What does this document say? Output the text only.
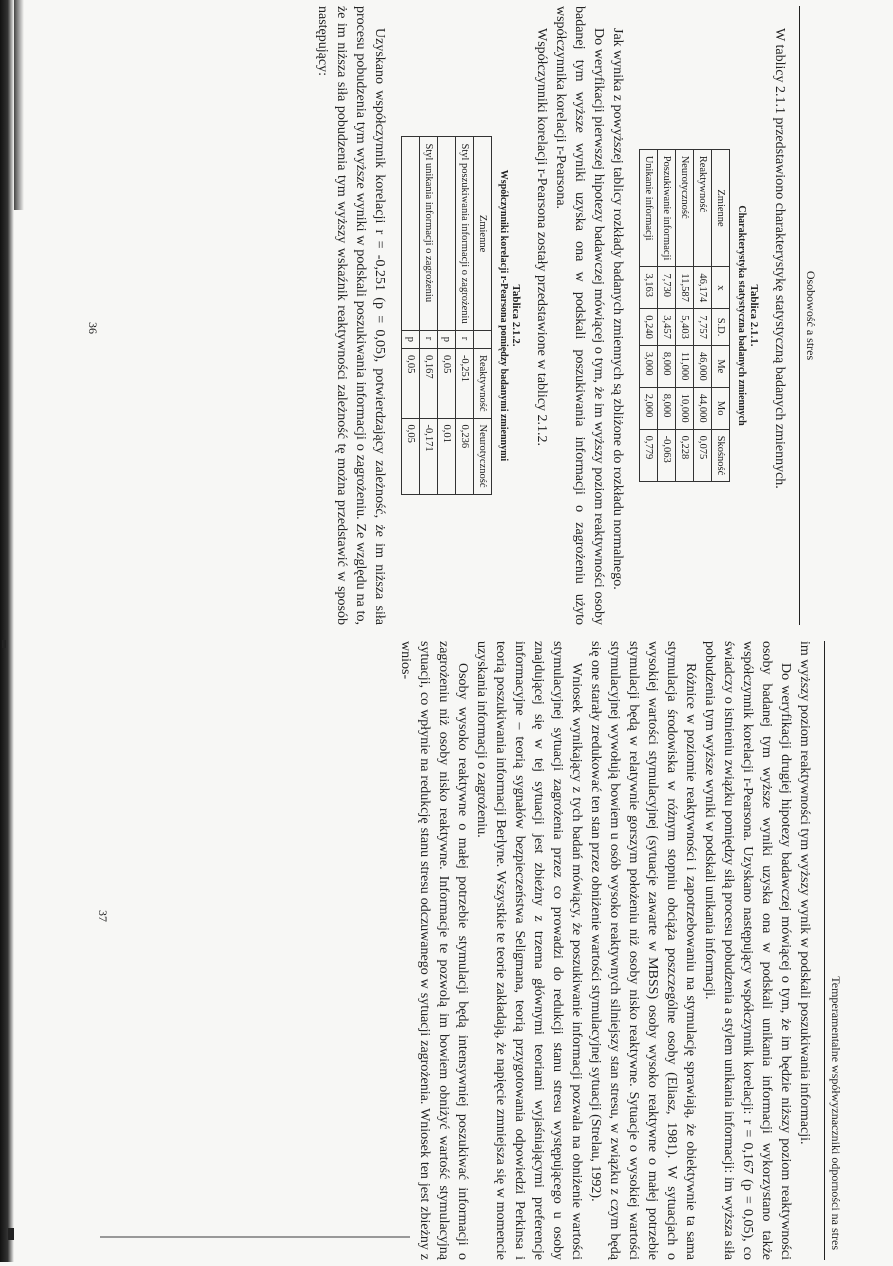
Osobowość a stres

W tablicy 2.1.1 przedstawiono charakterystykę statystyczną badanych zmiennych.

Tablica 2.1.1.
Charakterystyka statystyczna badanych zmiennych
Zmienne	x	S.D.	Me	Mo	Skośność
Reaktywność	46,174	7,757	46,000	44,000	0,075
Neurotyczność	11,587	5,403	11,000	10,000	0,228
Poszukiwanie informacji	7,730	3,457	8,000	8,000	-0,063
Unikanie informacji	3,163	0,240	3,000	2,000	0,779

Jak wynika z powyższej tablicy rozkłady badanych zmiennych są zbliżone do rozkładu normalnego.

Do weryfikacji pierwszej hipotezy badawczej mówiącej o tym, że im wyższy poziom reaktywności osoby badanej tym wyższe wyniki uzyska ona w podskali poszukiwania informacji o zagrożeniu użyto współczynnika korelacji r-Pearsona.

Współczynniki korelacji r-Pearsona zostały przedstawione w tablicy 2.1.2.

Tablica 2.1.2.
Współczynniki korelacji r-Pearsona pomiędzy badanymi zmiennymi
Zmienne		Reaktywność	Neurotyczność
Styl poszukiwania informacji o zagrożeniu	r	-0,251	0,236
	p	0,05	0,01
Styl unikania informacji o zagrożeniu	r	0,167	-0,171
	p	0,05	0,05

Uzyskano współczynnik korelacji r = -0,251 (p = 0,05), potwierdzający zależność, że im niższa siła procesu pobudzenia tym wyższe wyniki w podskali poszukiwania informacji o zagrożeniu. Ze względu na to, że im niższa siła pobudzenia tym wyższy wskaźnik reaktywności zależność tę można przedstawić w sposób następujący:

36
Temperamentalne współwyznaczniki odporności na stres

im wyższy poziom reaktywności tym wyższy wynik w podskali poszukiwania informacji.

Do weryfikacji drugiej hipotezy badawczej mówiącej o tym, że im będzie niższy poziom reaktywności osoby badanej tym wyższe wyniki uzyska ona w podskali unikania informacji wykorzystano także współczynnik korelacji r-Pearsona. Uzyskano następujący współczynnik korelacji: r = 0,167 (p = 0,05), co świadczy o istnieniu związku pomiędzy siłą procesu pobudzenia a stylem unikania informacji: im wyższa siła pobudzenia tym wyższe wyniki w podskali unikania informacji.

Różnice w poziomie reaktywności i zapotrzebowaniu na stymulację sprawiają, że obiektywnie ta sama stymulacja środowiska w różnym stopniu obciąża poszczególne osoby (Eliasz, 1981). W sytuacjach o wysokiej wartości stymulacyjnej (sytuacje zawarte w MBSS) osoby wysoko reaktywne o małej potrzebie stymulacji będą w relatywnie gorszym położeniu niż osoby nisko reaktywne. Sytuacje o wysokiej wartości stymulacyjnej wywołują bowiem u osób wysoko reaktywnych silniejszy stan stresu, w związku z czym będą się one starały zredukować ten stan przez obniżenie wartości stymulacyjnej sytuacji (Strelau, 1992).

Wniosek wynikający z tych badań mówiący, że poszukiwanie informacji pozwala na obniżenie wartości stymulacyjnej sytuacji zagrożenia przez co prowadzi do redukcji stanu stresu występującego u osoby znajdującej się w tej sytuacji jest zbieżny z trzema głównymi teoriami wyjaśniającymi preferencje informacyjne – teorią sygnałów bezpieczeństwa Seligmana, teorią przygotowania odpowiedzi Perkinsa i teorią poszukiwania informacji Berlyne. Wszystkie te teorie zakładają, że napięcie zmniejsza się w momencie uzyskania informacji o zagrożeniu.

Osoby wysoko reaktywne o małej potrzebie stymulacji będą intensywniej poszukiwać informacji o zagrożeniu niż osoby nisko reaktywne. Informacje te pozwolą im bowiem obniżyć wartość stymulacyjną sytuacji, co wpłynie na redukcję stanu stresu odczuwanego w sytuacji zagrożenia. Wniosek ten jest zbieżny z wnios-

37
